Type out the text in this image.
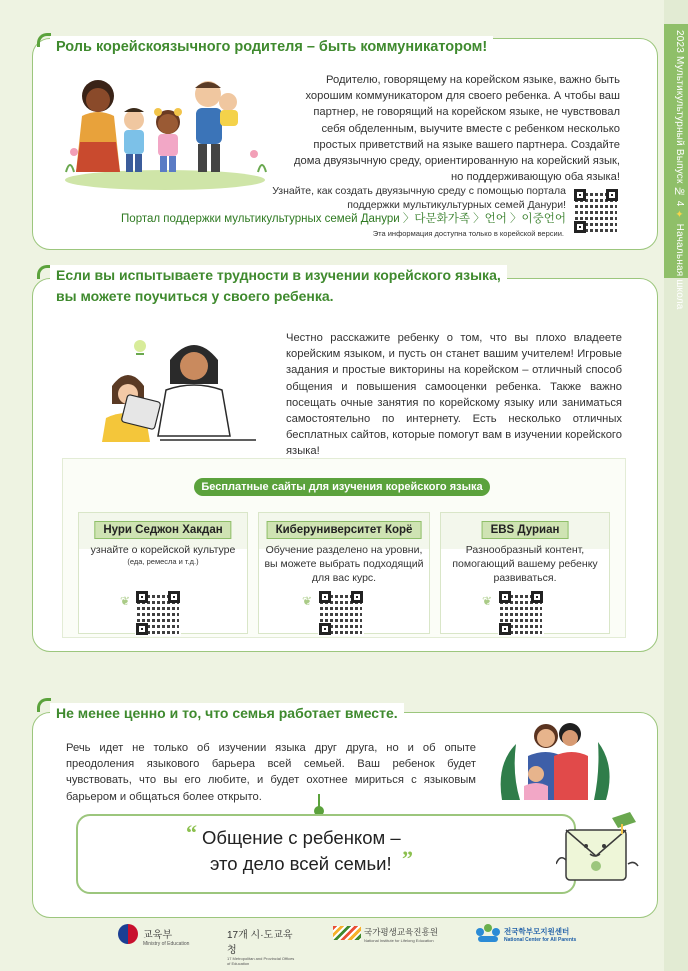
2023 Мультикультурный Выпуск № 4 ✦ Начальная школа
Роль корейскоязычного родителя – быть коммуникатором!
Родителю, говорящему на корейском языке, важно быть хорошим коммуникатором для своего ребенка. А чтобы ваш партнер, не говорящий на корейском языке, не чувствовал себя обделенным, выучите вместе с ребенком несколько простых приветствий на языке вашего партнера. Создайте дома двуязычную среду, ориентированную на корейский язык, но поддерживающую оба языка!
Узнайте, как создать двуязычную среду с помощью портала поддержки мультикультурных семей Данури!
Портал поддержки мультикультурных семей Данури 〉다문화가족 〉언어 〉이중언어
Эта информация доступна только в корейской версии.
Если вы испытываете трудности в изучении корейского языка,
вы можете поучиться у своего ребенка.
Честно расскажите ребенку о том, что вы плохо владеете корейским языком, и пусть он станет вашим учителем! Игровые задания и простые викторины на корейском – отличный способ общения и повышения самооценки ребенка. Также важно посещать очные занятия по корейскому языку или заниматься самостоятельно по интернету. Есть несколько отличных бесплатных сайтов, которые помогут вам в изучении корейского языка!
Бесплатные сайты для изучения корейского языка
Нури Седжон Хакдан
узнайте о корейской культуре
(еда, ремесла и т.д.)
❦
Киберуниверситет Корё
Обучение разделено на уровни, вы можете выбрать подходящий для вас курс.
❦
EBS Дуриан
Разнообразный контент, помогающий вашему ребенку развиваться.
❦
Не менее ценно и то, что семья работает вместе.
Речь идет не только об изучении языка друг друга, но и об опыте преодоления языкового барьера всей семьей. Ваш ребенок будет чувствовать, что вы его любите, и будет охотнее мириться с языковым барьером и общаться более открыто.
“ Общение с ребенком –
это дело всей семьи! ”
교육부
Ministry of Education
17개 시·도교육청
17 Metropolitan and Provincial Offices of Education
국가평생교육진흥원
National Institute for Lifelong Education
전국학부모지원센터
National Center for All Parents
